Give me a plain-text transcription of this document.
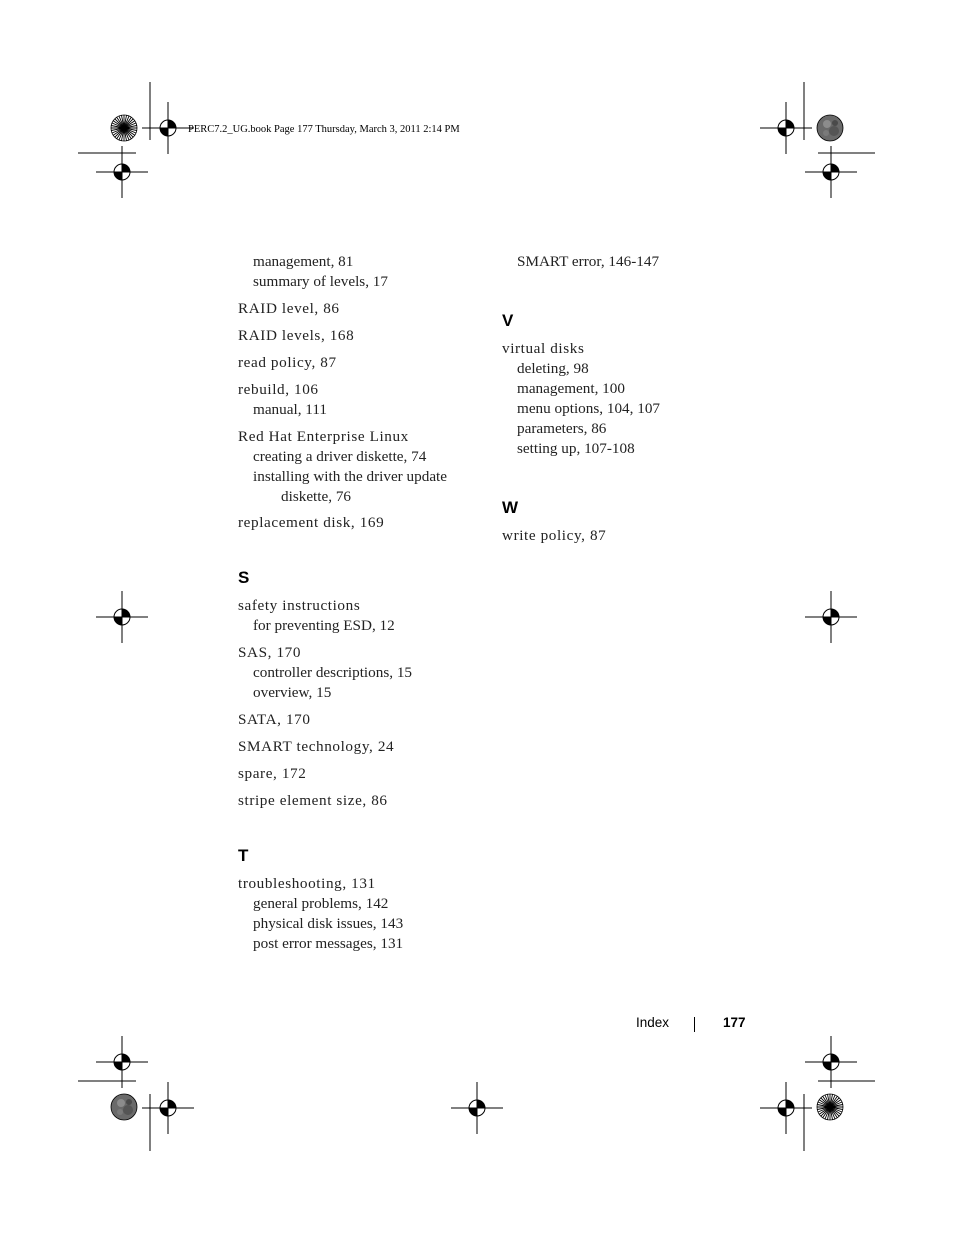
PERC7.2_UG.book Page 177 Thursday, March 3, 2011 2:14 PM
management, 81
summary of levels, 17
RAID level, 86
RAID levels, 168
read policy, 87
rebuild, 106
manual, 111
Red Hat Enterprise Linux
creating a driver diskette, 74
installing with the driver update
diskette, 76
replacement disk, 169
S
safety instructions
for preventing ESD, 12
SAS, 170
controller descriptions, 15
overview, 15
SATA, 170
SMART technology, 24
spare, 172
stripe element size, 86
T
troubleshooting, 131
general problems, 142
physical disk issues, 143
post error messages, 131
SMART error, 146-147
V
virtual disks
deleting, 98
management, 100
menu options, 104, 107
parameters, 86
setting up, 107-108
W
write policy, 87
Index	177
